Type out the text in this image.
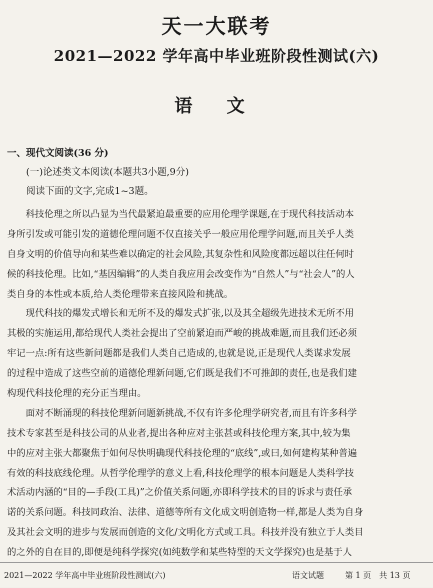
天一大联考
2021—2022 学年高中毕业班阶段性测试(六)
语 文
一、现代文阅读(36 分)
(一)论述类文本阅读(本题共3小题,9分)
阅读下面的文字,完成1~3题。
　　科技伦理之所以凸显为当代最紧迫最重要的应用伦理学课题,在于现代科技活动本
身所引发或可能引发的道德伦理问题不仅直接关乎一般应用伦理学问题,而且关乎人类
自身文明的价值导向和某些难以确定的社会风险,其复杂性和风险度都远超以往任何时
候的科技伦理。比如,“基因编辑”的人类自我应用会改变作为“自然人”与“社会人”的人
类自身的本性或本质,给人类伦理带来直接风险和挑战。
　　现代科技的爆发式增长和无所不及的爆发式扩张,以及其全超级先进技术无所不用
其极的实施运用,都给现代人类社会提出了空前紧迫而严峻的挑战难题,而且我们还必须
牢记一点:所有这些新问题都是我们人类自己造成的,也就是说,正是现代人类谋求发展
的过程中造成了这些空前的道德伦理新问题,它们既是我们不可推卸的责任,也是我们建
构现代科技伦理的充分正当理由。
　　面对不断涌现的科技伦理新问题新挑战,不仅有许多伦理学研究者,而且有许多科学
技术专家甚至是科技公司的从业者,提出各种应对主张甚或科技伦理方案,其中,较为集
中的应对主张大都聚焦于如何尽快明确现代科技伦理的“底线”,或曰,如何建构某种普遍
有效的科技底线伦理。从哲学伦理学的意义上看,科技伦理学的根本问题是人类科学技
术活动内涵的“目的—手段(工具)”之价值关系问题,亦即科学技术的目的诉求与责任承
诺的关系问题。科技同政治、法律、道德等所有文化成文明创造物一样,都是人类为自身
及其社会文明的进步与发展而创造的文化/文明化方式或工具。科技并没有独立于人类目
的之外的自在目的,即便是纯科学探究(如纯数学和某些特型的天文学探究)也是基于人
2021—2022 学年高中毕业班阶段性测试(六)	语文试题	第 1 页　共 13 页
